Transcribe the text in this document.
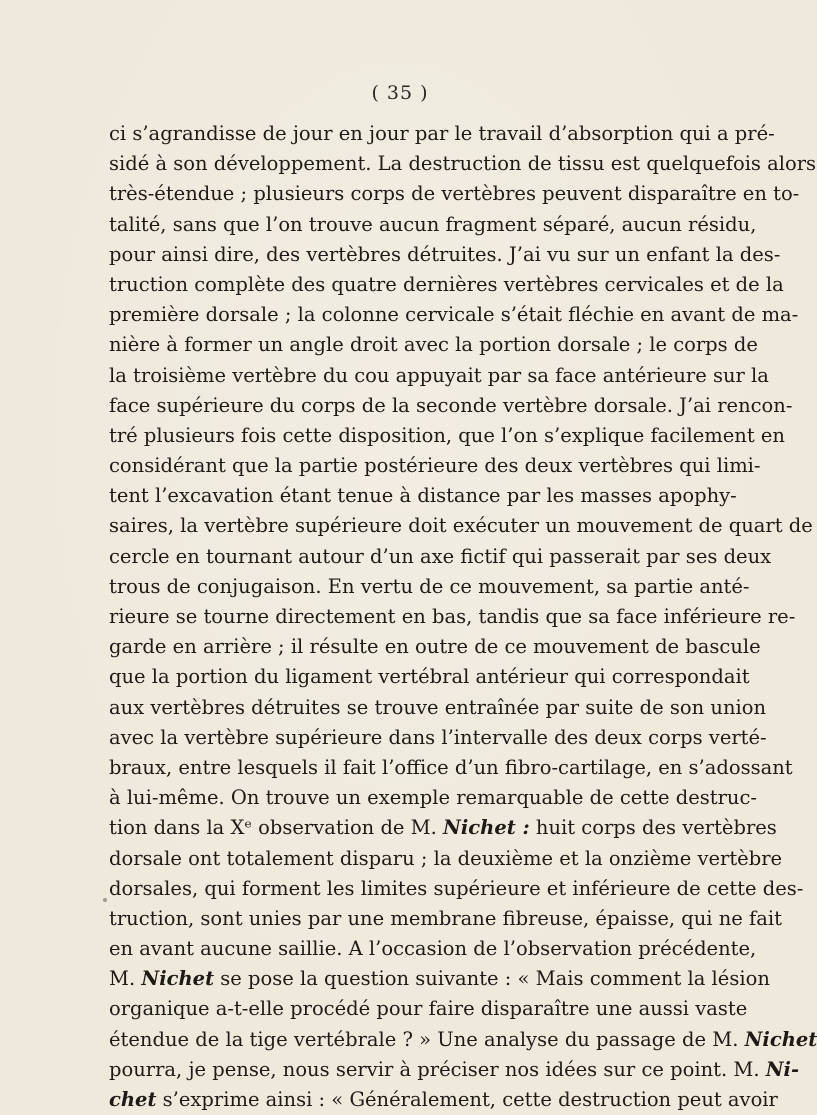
( 35 )
ci s’agrandisse de jour en jour par le travail d’absorption qui a pré-
sidé à son développement. La destruction de tissu est quelquefois alors
très-étendue ; plusieurs corps de vertèbres peuvent disparaître en to-
talité, sans que l’on trouve aucun fragment séparé, aucun résidu,
pour ainsi dire, des vertèbres détruites. J’ai vu sur un enfant la des-
truction complète des quatre dernières vertèbres cervicales et de la
première dorsale ; la colonne cervicale s’était fléchie en avant de ma-
nière à former un angle droit avec la portion dorsale ; le corps de
la troisième vertèbre du cou appuyait par sa face antérieure sur la
face supérieure du corps de la seconde vertèbre dorsale. J’ai rencon-
tré plusieurs fois cette disposition, que l’on s’explique facilement en
considérant que la partie postérieure des deux vertèbres qui limi-
tent l’excavation étant tenue à distance par les masses apophy-
saires, la vertèbre supérieure doit exécuter un mouvement de quart de
cercle en tournant autour d’un axe fictif qui passerait par ses deux
trous de conjugaison. En vertu de ce mouvement, sa partie anté-
rieure se tourne directement en bas, tandis que sa face inférieure re-
garde en arrière ; il résulte en outre de ce mouvement de bascule
que la portion du ligament vertébral antérieur qui correspondait
aux vertèbres détruites se trouve entraînée par suite de son union
avec la vertèbre supérieure dans l’intervalle des deux corps verté-
braux, entre lesquels il fait l’office d’un fibro-cartilage, en s’adossant
à lui-même. On trouve un exemple remarquable de cette destruc-
tion dans la Xᵉ observation de M. Nichet : huit corps des vertèbres
dorsale ont totalement disparu ; la deuxième et la onzième vertèbre
dorsales, qui forment les limites supérieure et inférieure de cette des-
truction, sont unies par une membrane fibreuse, épaisse, qui ne fait
en avant aucune saillie. A l’occasion de l’observation précédente,
M. Nichet se pose la question suivante : « Mais comment la lésion
organique a-t-elle procédé pour faire disparaître une aussi vaste
étendue de la tige vertébrale ? » Une analyse du passage de M. Nichet
pourra, je pense, nous servir à préciser nos idées sur ce point. M. Ni-
chet s’exprime ainsi : « Généralement, cette destruction peut avoir
